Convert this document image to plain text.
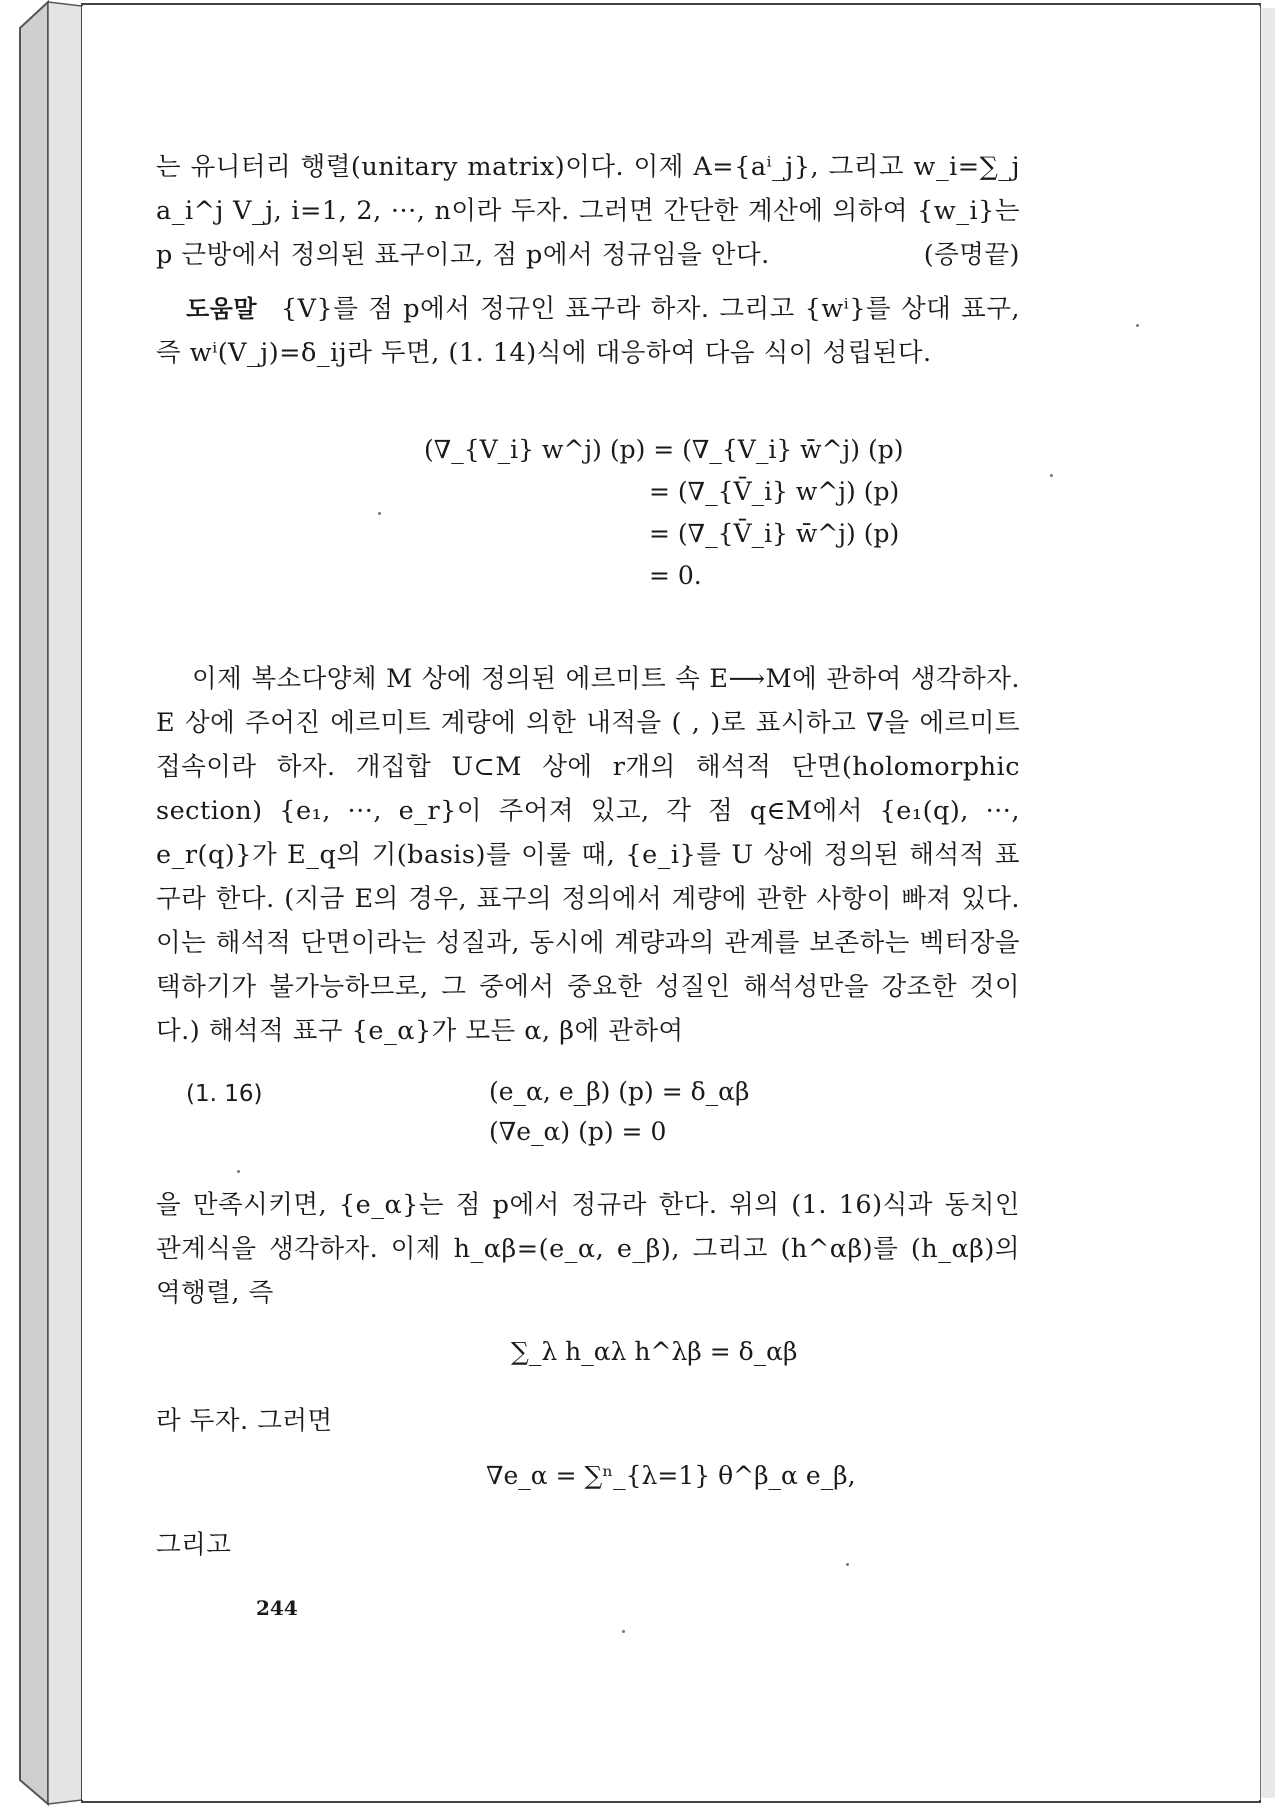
는 유니터리 행렬(unitary matrix)이다. 이제 A={aⁱ_j}, 그리고 w_i=∑_j a_i^j V_j, i=1, 2, ···, n이라 두자. 그러면 간단한 계산에 의하여 {w_i}는 p 근방에서 정의된 표구이고, 점 p에서 정규임을 안다.	(증명끝)

도움말 {V}를 점 p에서 정규인 표구라 하자. 그리고 {wⁱ}를 상대 표구, 즉 wⁱ(V_j)=δ_ij라 두면, (1. 14)식에 대응하여 다음 식이 성립된다.

(∇_{V_i} w^j) (p) = (∇_{V_i} w̄^j) (p)
= (∇_{V̄_i} w^j) (p)
= (∇_{V̄_i} w̄^j) (p)
= 0.

이제 복소다양체 M 상에 정의된 에르미트 속 E⟶M에 관하여 생각하자. E 상에 주어진 에르미트 계량에 의한 내적을 ( , )로 표시하고 ∇을 에르미트 접속이라 하자. 개집합 U⊂M 상에 r개의 해석적 단면(holomorphic section) {e₁, ···, e_r}이 주어져 있고, 각 점 q∈M에서 {e₁(q), ···, e_r(q)}가 E_q의 기(basis)를 이룰 때, {e_i}를 U 상에 정의된 해석적 표구라 한다. (지금 E의 경우, 표구의 정의에서 계량에 관한 사항이 빠져 있다. 이는 해석적 단면이라는 성질과, 동시에 계량과의 관계를 보존하는 벡터장을 택하기가 불가능하므로, 그 중에서 중요한 성질인 해석성만을 강조한 것이다.) 해석적 표구 {e_α}가 모든 α, β에 관하여

(1. 16)	(e_α, e_β) (p) = δ_αβ
(∇e_α) (p) = 0

을 만족시키면, {e_α}는 점 p에서 정규라 한다. 위의 (1. 16)식과 동치인 관계식을 생각하자. 이제 h_αβ=(e_α, e_β), 그리고 (h^αβ)를 (h_αβ)의 역행렬, 즉

∑_λ h_αλ h^λβ = δ_αβ

라 두자. 그러면

∇e_α = ∑ⁿ_{λ=1} θ^β_α e_β,

그리고

244
